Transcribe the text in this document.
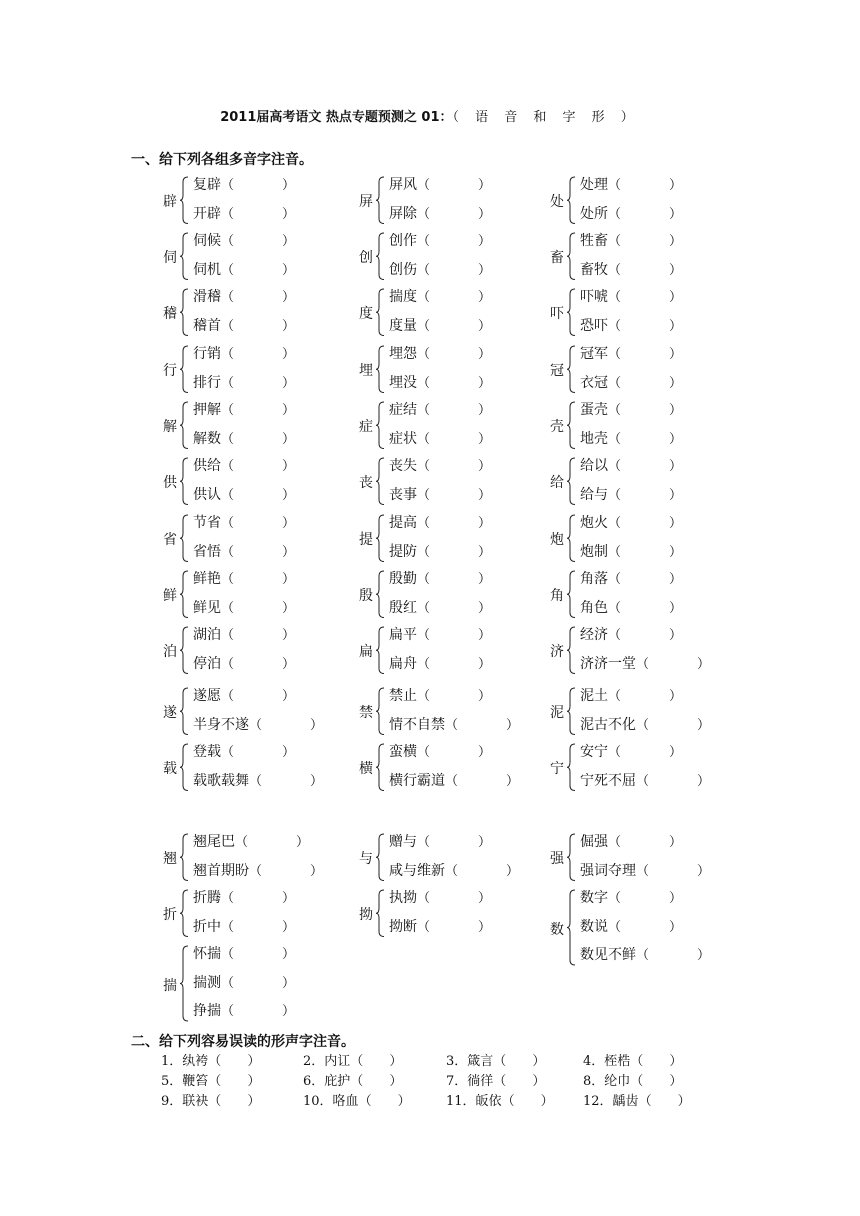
2011届高考语文 热点专题预测之 01：（ 语 音 和 字 形 ）
一、给下列各组多音字注音。
辟
复辟（	）
开辟（	）
屏
屏风（	）
屏除（	）
处
处理（	）
处所（	）
伺
伺候（	）
伺机（	）
创
创作（	）
创伤（	）
畜
牲畜（	）
畜牧（	）
稽
滑稽（	）
稽首（	）
度
揣度（	）
度量（	）
吓
吓唬（	）
恐吓（	）
行
行销（	）
排行（	）
埋
埋怨（	）
埋没（	）
冠
冠军（	）
衣冠（	）
解
押解（	）
解数（	）
症
症结（	）
症状（	）
壳
蛋壳（	）
地壳（	）
供
供给（	）
供认（	）
丧
丧失（	）
丧事（	）
给
给以（	）
给与（	）
省
节省（	）
省悟（	）
提
提高（	）
提防（	）
炮
炮火（	）
炮制（	）
鲜
鲜艳（	）
鲜见（	）
殷
殷勤（	）
殷红（	）
角
角落（	）
角色（	）
泊
湖泊（	）
停泊（	）
扁
扁平（	）
扁舟（	）
济
经济（	）
济济一堂（	）
遂
遂愿（	）
半身不遂（	）
禁
禁止（	）
情不自禁（	）
泥
泥土（	）
泥古不化（	）
载
登载（	）
载歌载舞（	）
横
蛮横（	）
横行霸道（	）
宁
安宁（	）
宁死不屈（	）
翘
翘尾巴（	）
翘首期盼（	）
与
赠与（	）
咸与维新（	）
强
倔强（	）
强词夺理（	）
折
折腾（	）
折中（	）
拗
执拗（	）
拗断（	）	数
数字（	）
数说（	）
数见不鲜（	）
揣
怀揣（	）
揣测（	）
挣揣（	）
二、给下列容易误读的形声字注音。
1．纨袴（ ）	2．内讧（ ）	3．箴言（ ）	4．桎梏（ ）
5．鞭笞（ ）	6．庇护（ ）	7．徜徉（ ）	8．纶巾（ ）
9．联袂（ ）	10．咯血（ ）	11．皈依（ ） 12．龋齿（ ）
